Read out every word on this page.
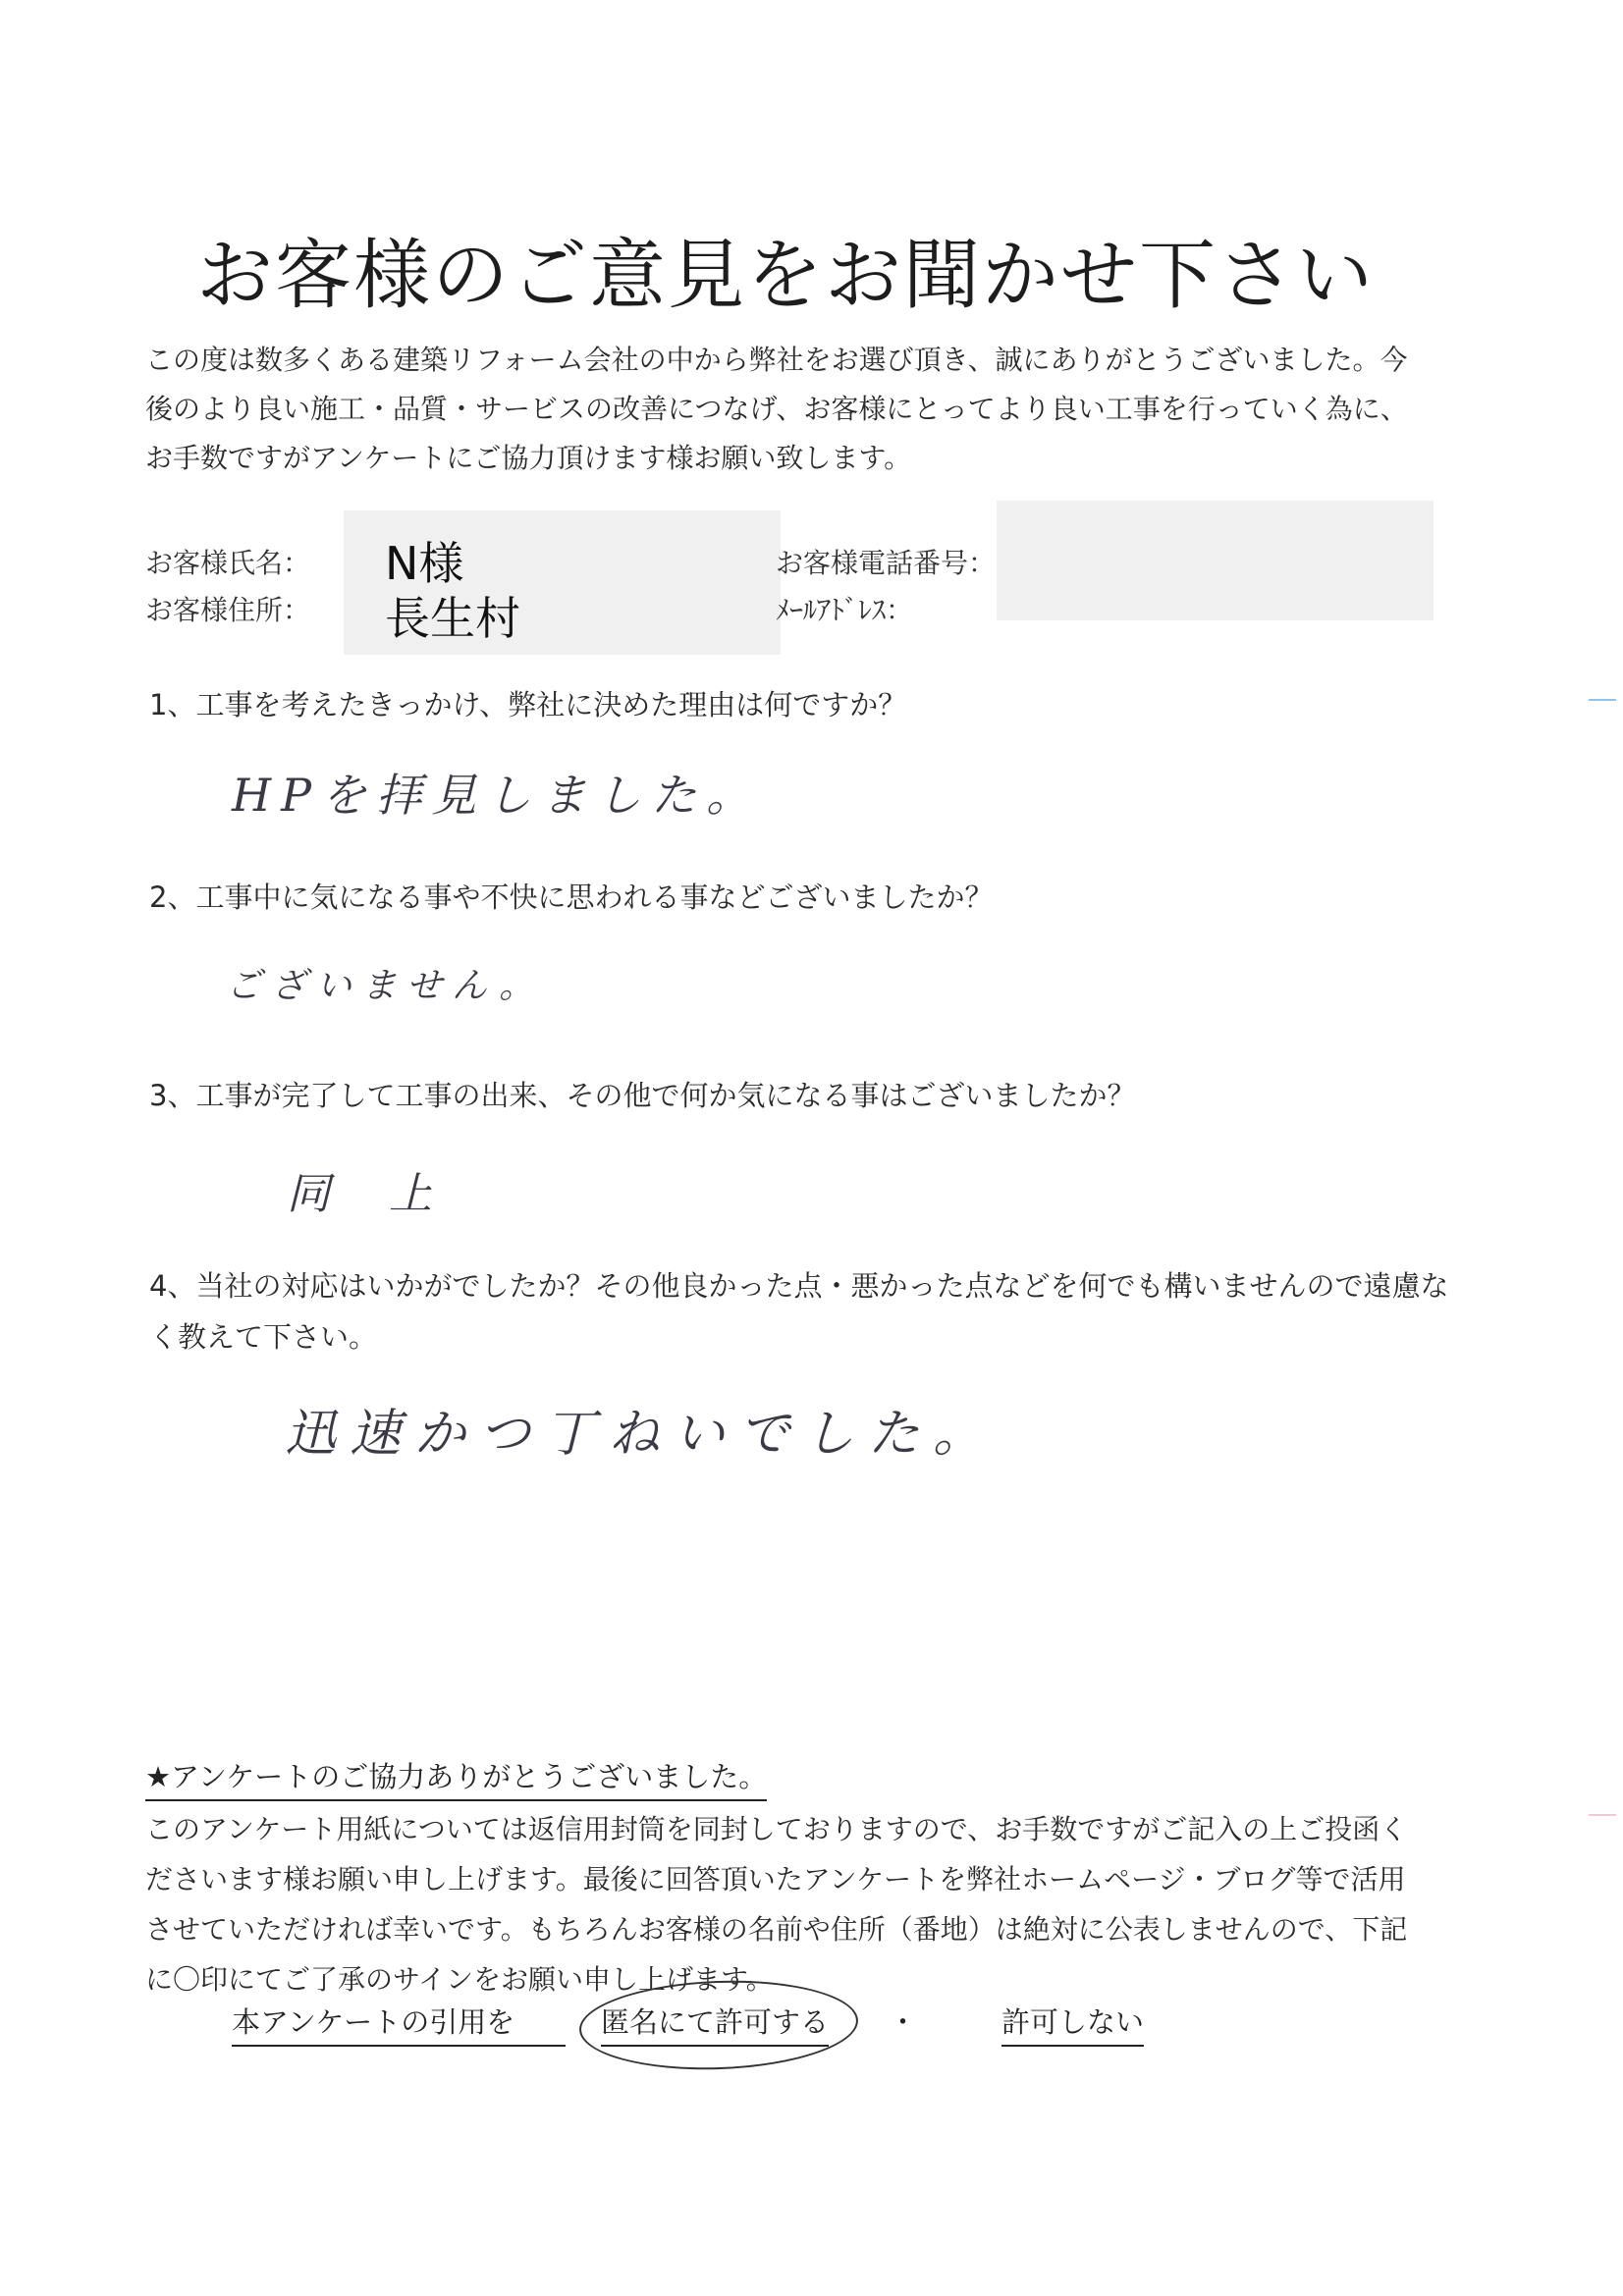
お客様のご意見をお聞かせ下さい

この度は数多くある建築リフォーム会社の中から弊社をお選び頂き、誠にありがとうございました。今

後のより良い施工・品質・サービスの改善につなげ、お客様にとってより良い工事を行っていく為に、

お手数ですがアンケートにご協力頂けます様お願い致します。

お客様氏名： N様
お客様住所： 長生村
お客様電話番号：
ﾒｰﾙｱﾄﾞﾚｽ：
1、工事を考えたきっかけ、弊社に決めた理由は何ですか？
HPを拝見しました。
2、工事中に気になる事や不快に思われる事などございましたか？
ございません。
3、工事が完了して工事の出来、その他で何か気になる事はございましたか？
同上
4、当社の対応はいかがでしたか？その他良かった点・悪かった点などを何でも構いませんので遠慮な
く教えて下さい。
迅速かつ丁ねいでした。
★アンケートのご協力ありがとうございました。

このアンケート用紙については返信用封筒を同封しておりますので、お手数ですがご記入の上ご投函く

ださいます様お願い申し上げます。最後に回答頂いたアンケートを弊社ホームページ・ブログ等で活用

させていただければ幸いです。もちろんお客様の名前や住所（番地）は絶対に公表しませんので、下記

に〇印にてご了承のサインをお願い申し上げます。

本アンケートの引用を	匿名にて許可する ・	許可しない
